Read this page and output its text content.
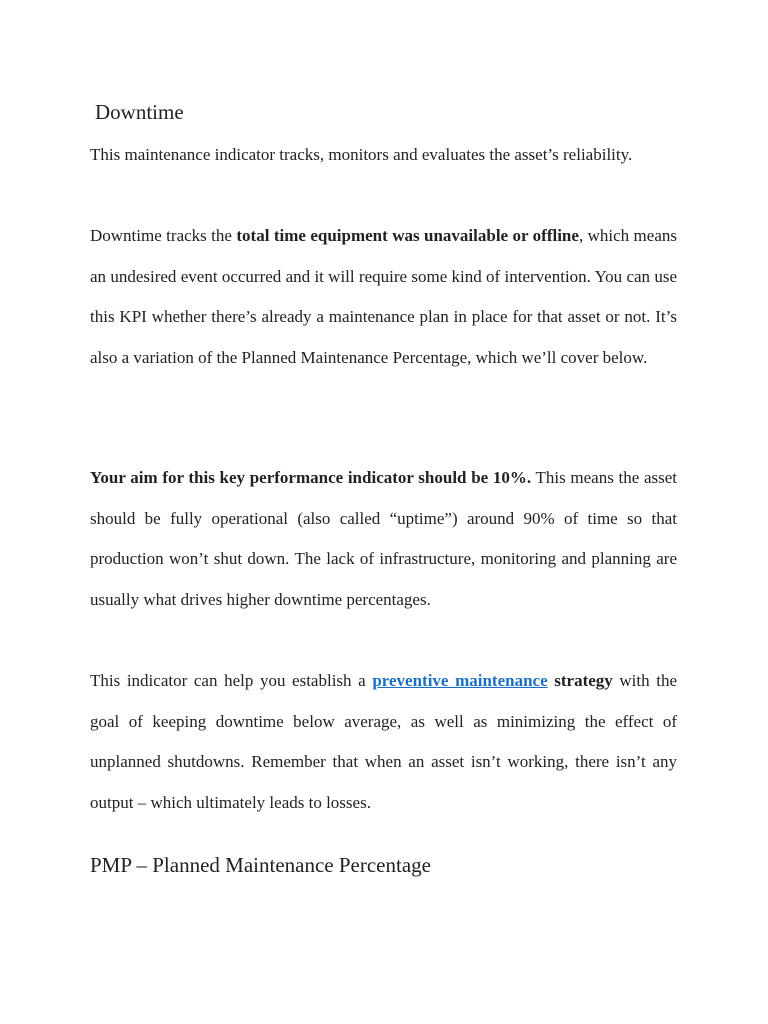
Downtime

This maintenance indicator tracks, monitors and evaluates the asset’s reliability.

Downtime tracks the total time equipment was unavailable or offline, which means an undesired event occurred and it will require some kind of intervention. You can use this KPI whether there’s already a maintenance plan in place for that asset or not. It’s also a variation of the Planned Maintenance Percentage, which we’ll cover below.

Your aim for this key performance indicator should be 10%. This means the asset should be fully operational (also called “uptime”) around 90% of time so that production won’t shut down. The lack of infrastructure, monitoring and planning are usually what drives higher downtime percentages.

This indicator can help you establish a preventive maintenance strategy with the goal of keeping downtime below average, as well as minimizing the effect of unplanned shutdowns. Remember that when an asset isn’t working, there isn’t any output – which ultimately leads to losses.

PMP – Planned Maintenance Percentage
